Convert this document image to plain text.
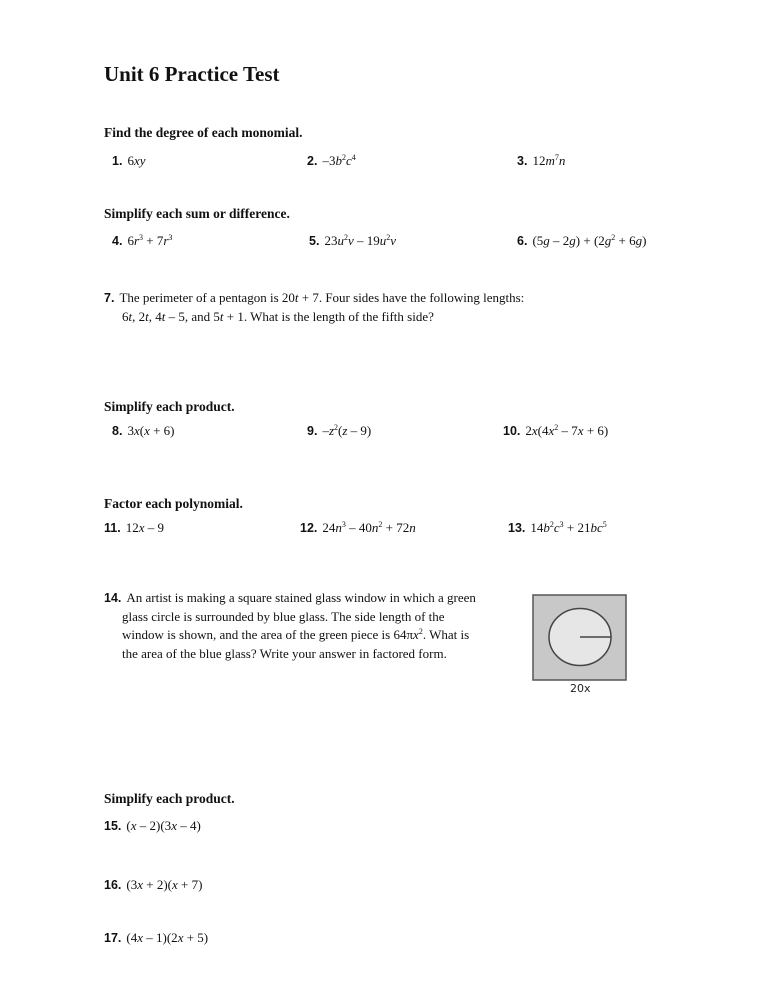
Unit 6 Practice Test
Find the degree of each monomial.
1. 6xy	2. $-3b^2c^4$	3. $12m^7n$
Simplify each sum or difference.
4. $6r^3 + 7r^3$	5. $23u^2v - 19u^2v$	6. $(5g - 2g) + (2g^2 + 6g)$
7. The perimeter of a pentagon is 20t + 7. Four sides have the following lengths:
6t, 2t, 4t – 5, and 5t + 1. What is the length of the fifth side?
Simplify each product.
8. 3x(x + 6)	9. $-z^2(z - 9)$	10. $2x(4x^2 - 7x + 6)$
Factor each polynomial.
11. 12x – 9	12. $24n^3 - 40n^2 + 72n$	13. $14b^2c^3 + 21bc^5$
14. An artist is making a square stained glass window in which a green
glass circle is surrounded by blue glass. The side length of the
window is shown, and the area of the green piece is $64\pi x^2$. What is
the area of the blue glass? Write your answer in factored form.
20x
Simplify each product.
15. (x – 2)(3x – 4)
16. (3x + 2)(x + 7)
17. (4x – 1)(2x + 5)
